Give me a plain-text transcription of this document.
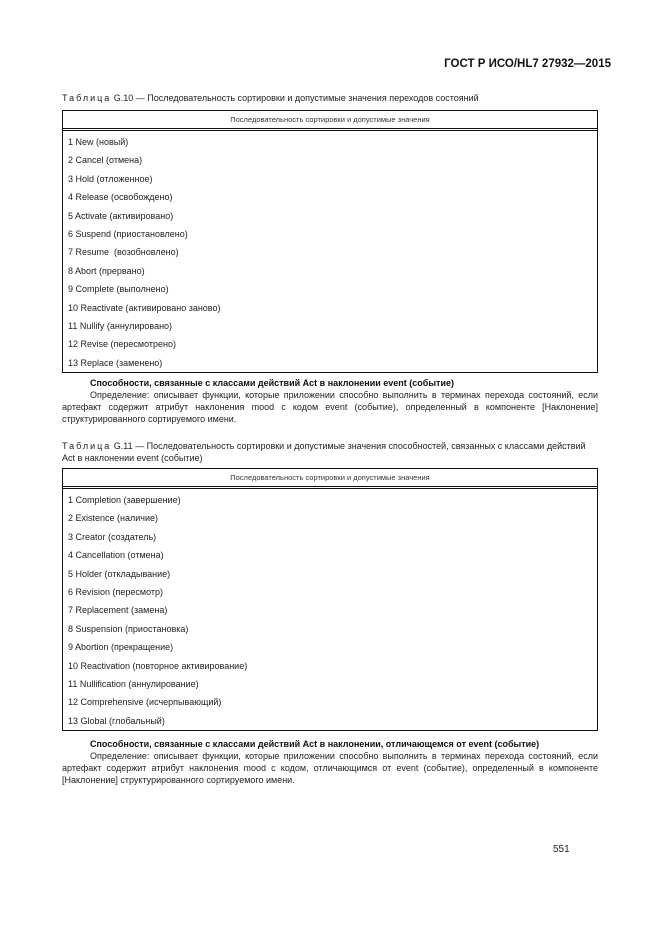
ГОСТ Р ИСО/HL7 27932—2015
Таблица G.10 — Последовательность сортировки и допустимые значения переходов состояний
Последовательность сортировки и допустимые значения
1 New (новый)
2 Cancel (отмена)
3 Hold (отложенное)
4 Release (освобождено)
5 Activate (активировано)
6 Suspend (приостановлено)
7 Resume  (возобновлено)
8 Abort (прервано)
9 Complete (выполнено)
10 Reactivate (активировано заново)
11 Nullify (аннулировано)
12 Revise (пересмотрено)
13 Replace (заменено)
Способности, связанные с классами действий Act в наклонении event (событие)
Определение: описывает функции, которые приложении способно выполнить в терминах перехода состояний, если артефакт содержит атрибут наклонения mood с кодом event (событие), определенный в компоненте [Наклонение] структурированного сортируемого имени.
Таблица G.11 — Последовательность сортировки и допустимые значения способностей, связанных с классами действий Act в наклонении event (событие)
Последовательность сортировки и допустимые значения
1 Completion (завершение)
2 Existence (наличие)
3 Creator (создатель)
4 Cancellation (отмена)
5 Holder (откладывание)
6 Revision (пересмотр)
7 Replacement (замена)
8 Suspension (приостановка)
9 Abortion (прекращение)
10 Reactivation (повторное активирование)
11 Nullification (аннулирование)
12 Comprehensive (исчерпывающий)
13 Global (глобальный)
Способности, связанные с классами действий Act в наклонении, отличающемся от event (событие)
Определение: описывает функции, которые приложении способно выполнить в терминах перехода состояний, если артефакт содержит атрибут наклонения mood с кодом, отличающимся от event (событие), определенный в компоненте [Наклонение] структурированного сортируемого имени.
551
